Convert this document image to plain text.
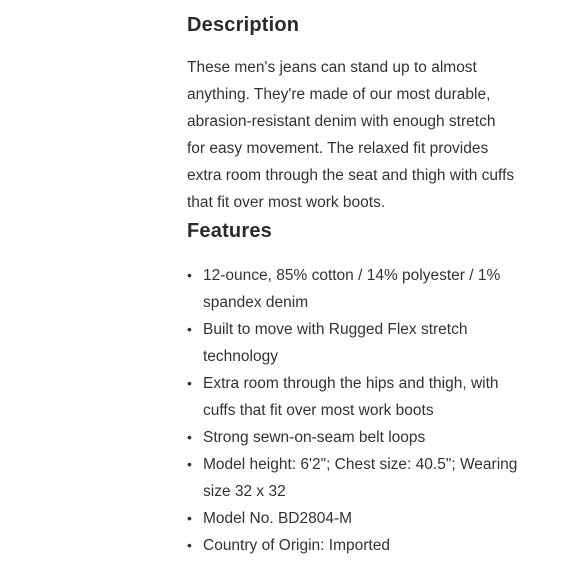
Description

These men's jeans can stand up to almost anything. They're made of our most durable, abrasion-resistant denim with enough stretch for easy movement. The relaxed fit provides extra room through the seat and thigh with cuffs that fit over most work boots.

Features
• 12-ounce, 85% cotton / 14% polyester / 1% spandex denim
• Built to move with Rugged Flex stretch technology
• Extra room through the hips and thigh, with cuffs that fit over most work boots
• Strong sewn-on-seam belt loops
• Model height: 6'2"; Chest size: 40.5"; Wearing size 32 x 32
• Model No. BD2804-M
• Country of Origin: Imported
